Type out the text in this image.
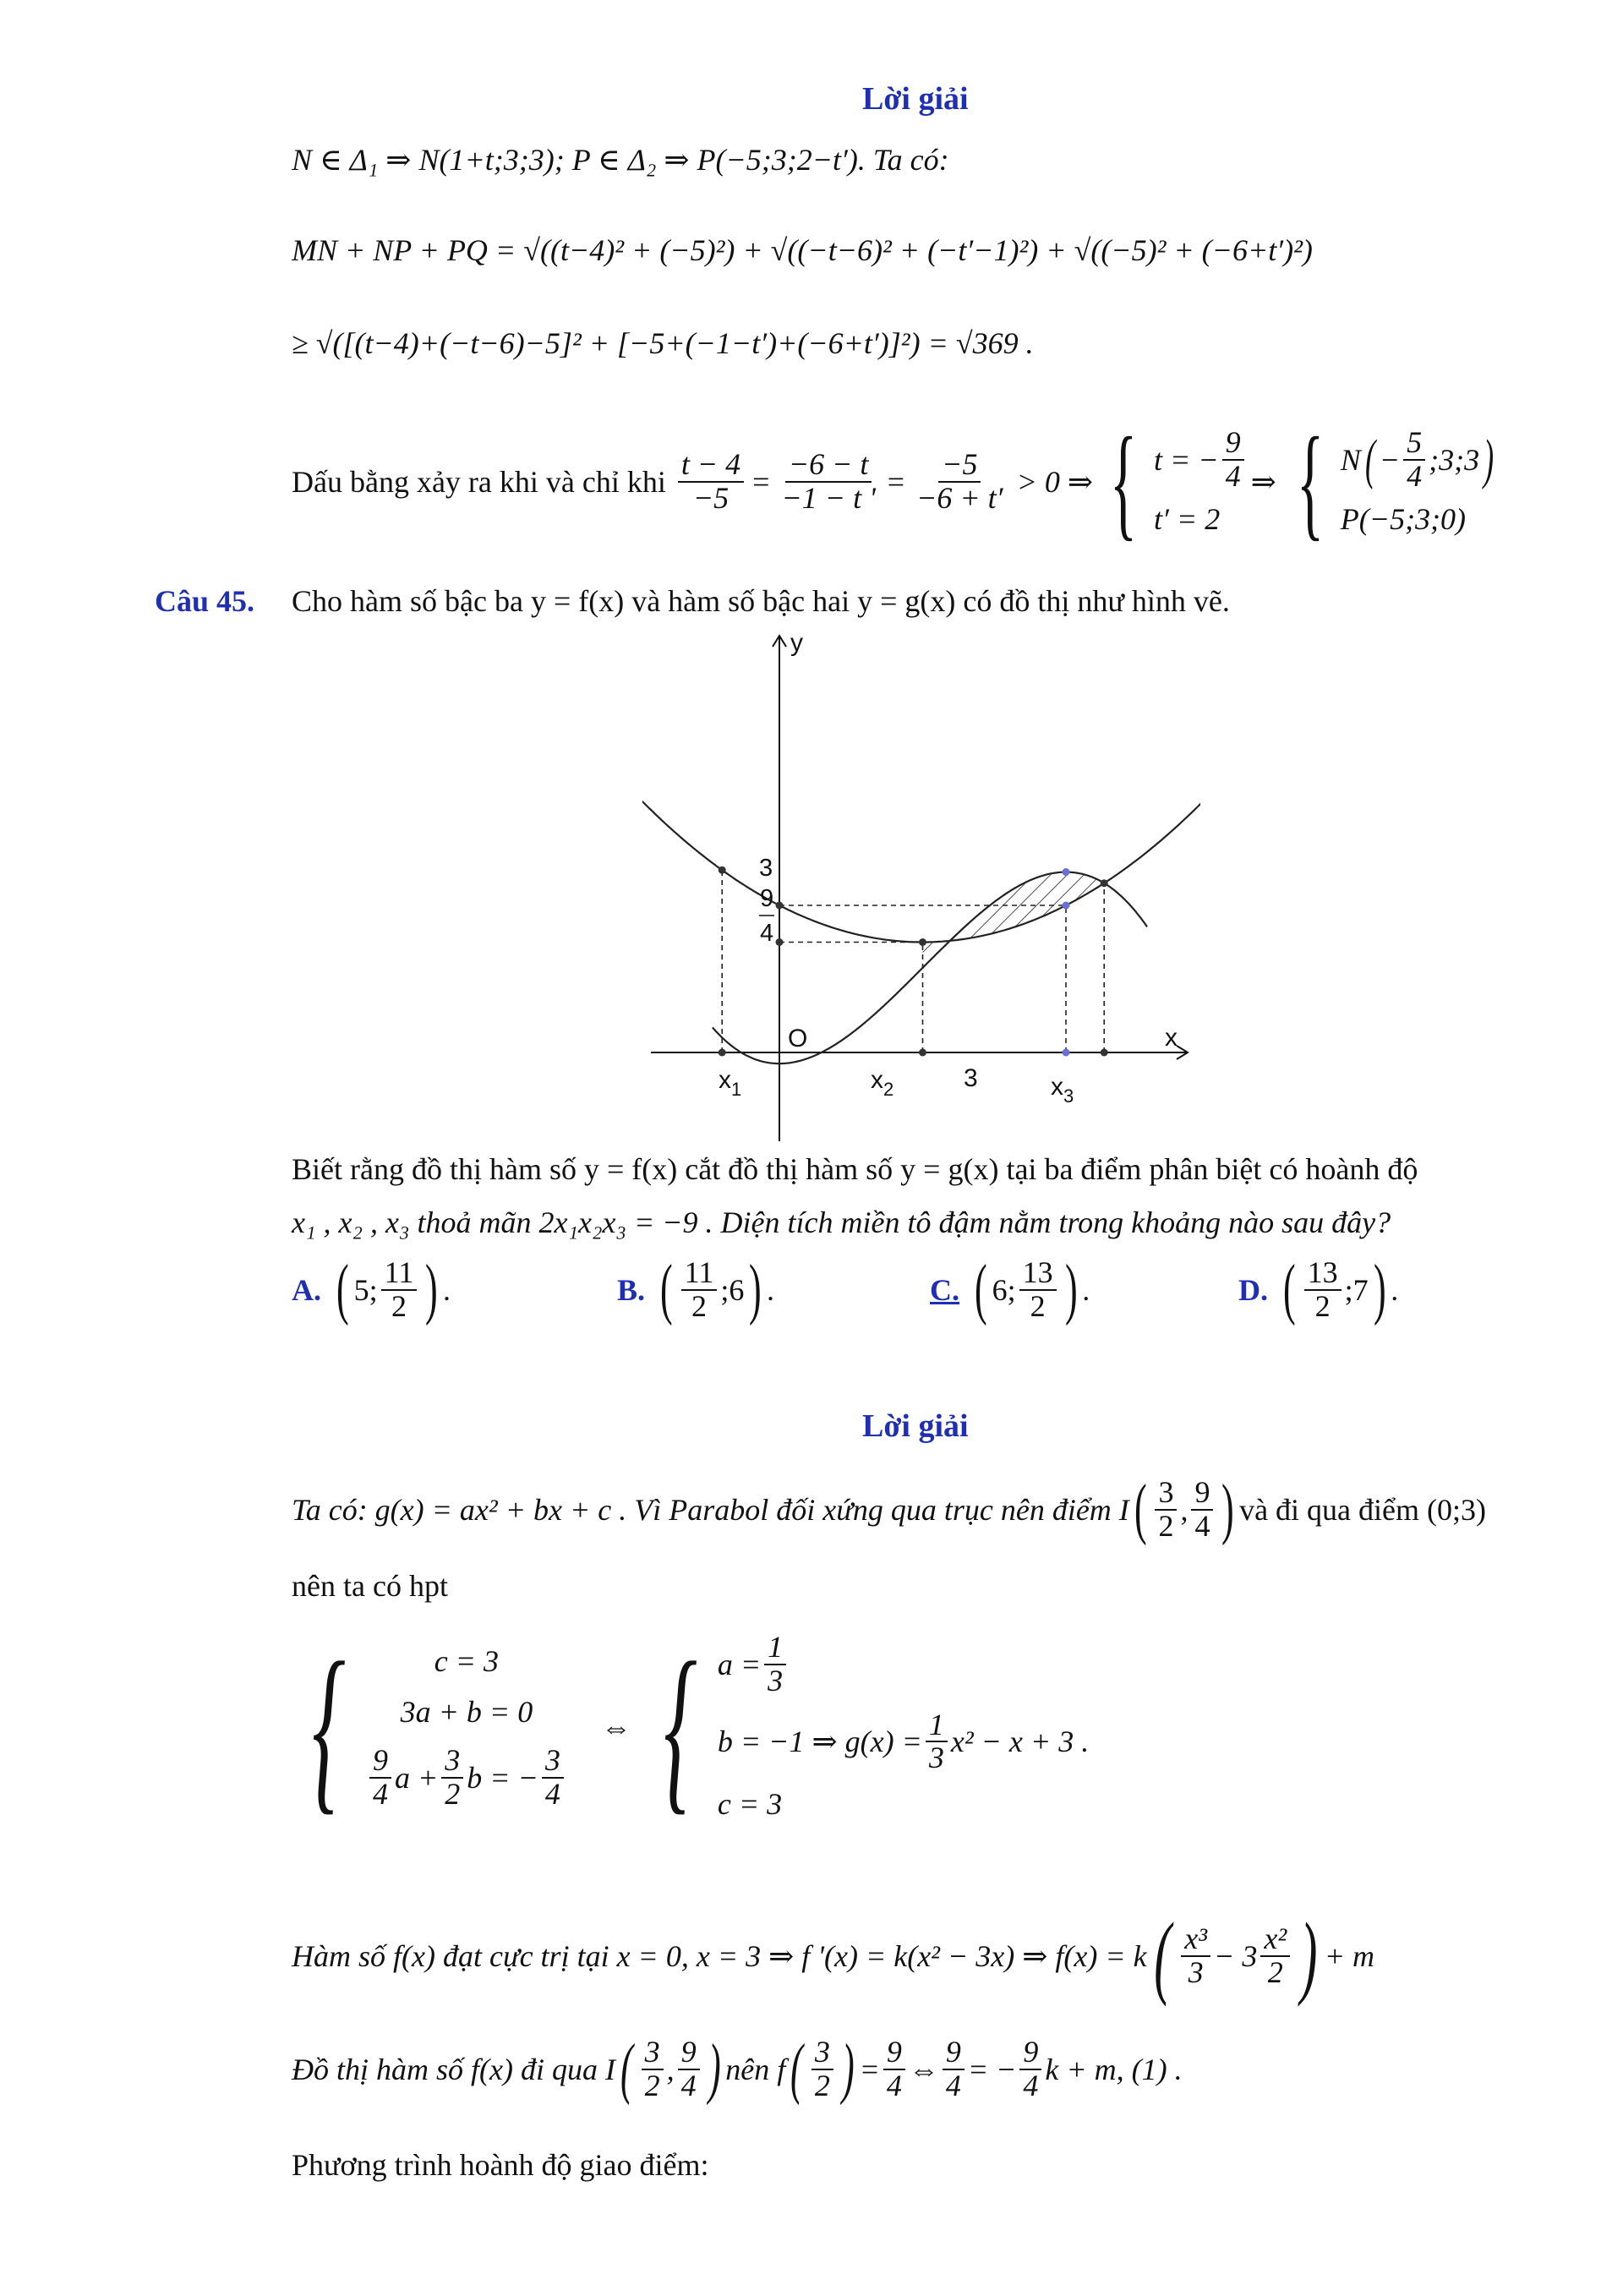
Lời giải
N ∈ Δ₁ ⇒ N(1+t;3;3); P ∈ Δ₂ ⇒ P(−5;3;2−t′). Ta có:
MN + NP + PQ = √((t−4)² + (−5)²) + √((−t−6)² + (−t′−1)²) + √((−5)² + (−6+t′)²)
≥ √([(t−4)+(−t−6)−5]² + [−5+(−1−t′)+(−6+t′)]²) = √369 .
Dấu bằng xảy ra khi và chỉ khi $\frac{t - 4}{-5} = \frac{-6 - t}{-1 - t '} = \frac{-5}{-6 + t'} > 0$ ⇒ { t = − $\frac{9}{4}$
t′ = 2
⇒ { N ( − $\frac{5}{4}$ ;3;3 )
P(−5;3;0)
Câu 45. Cho hàm số bậc ba y = f(x) và hàm số bậc hai y = g(x) có đồ thị như hình vẽ.
y
x
O
3
9
4
$x_1$	$x_2$	3	$x_3$
Biết rằng đồ thị hàm số y = f(x) cắt đồ thị hàm số y = g(x) tại ba điểm phân biệt có hoành độ
x₁ , x₂ , x₃ thoả mãn 2x₁x₂x₃ = −9 . Diện tích miền tô đậm nằm trong khoảng nào sau đây?
A. ( 5; $\frac{11}{2}$ ) .	B. ( $\frac{11}{2}$ ;6 ) .	C. ( 6; $\frac{13}{2}$ ) .	D. ( $\frac{13}{2}$ ;7 ) .
Lời giải
Ta có: g(x) = ax² + bx + c . Vì Parabol đối xứng qua trục nên điểm I ( $\frac{3}{2}$ , $\frac{9}{4}$ ) và đi qua điểm (0;3)
nên ta có hpt
{	c = 3
3a + b = 0
$\frac{9}{4}$ $a + \frac{3}{2}$ b = − $\frac{3}{4}$
⇔ { $a = \frac{1}{3}$
b = −1 ⇒ $g(x) = \frac{1}{3} x^2 - x + 3$ .
c = 3
Hàm số f(x) đạt cực trị tại x = 0, x = 3 ⇒ f '(x) = k(x² − 3x) ⇒ f(x) = k ( $\frac{\text{x³}}{3} - 3 \frac{\text{x²}}{2}$ ) + m
Đồ thị hàm số f(x) đi qua I ( $\frac{3}{2}$ , $\frac{9}{4}$ ) nên f ( $\frac{3}{2}$ ) = $\frac{9}{4}$ ⇔ $\frac{9}{4}$ = − $\frac{9}{4}$ k + m, (1) .
Phương trình hoành độ giao điểm:
